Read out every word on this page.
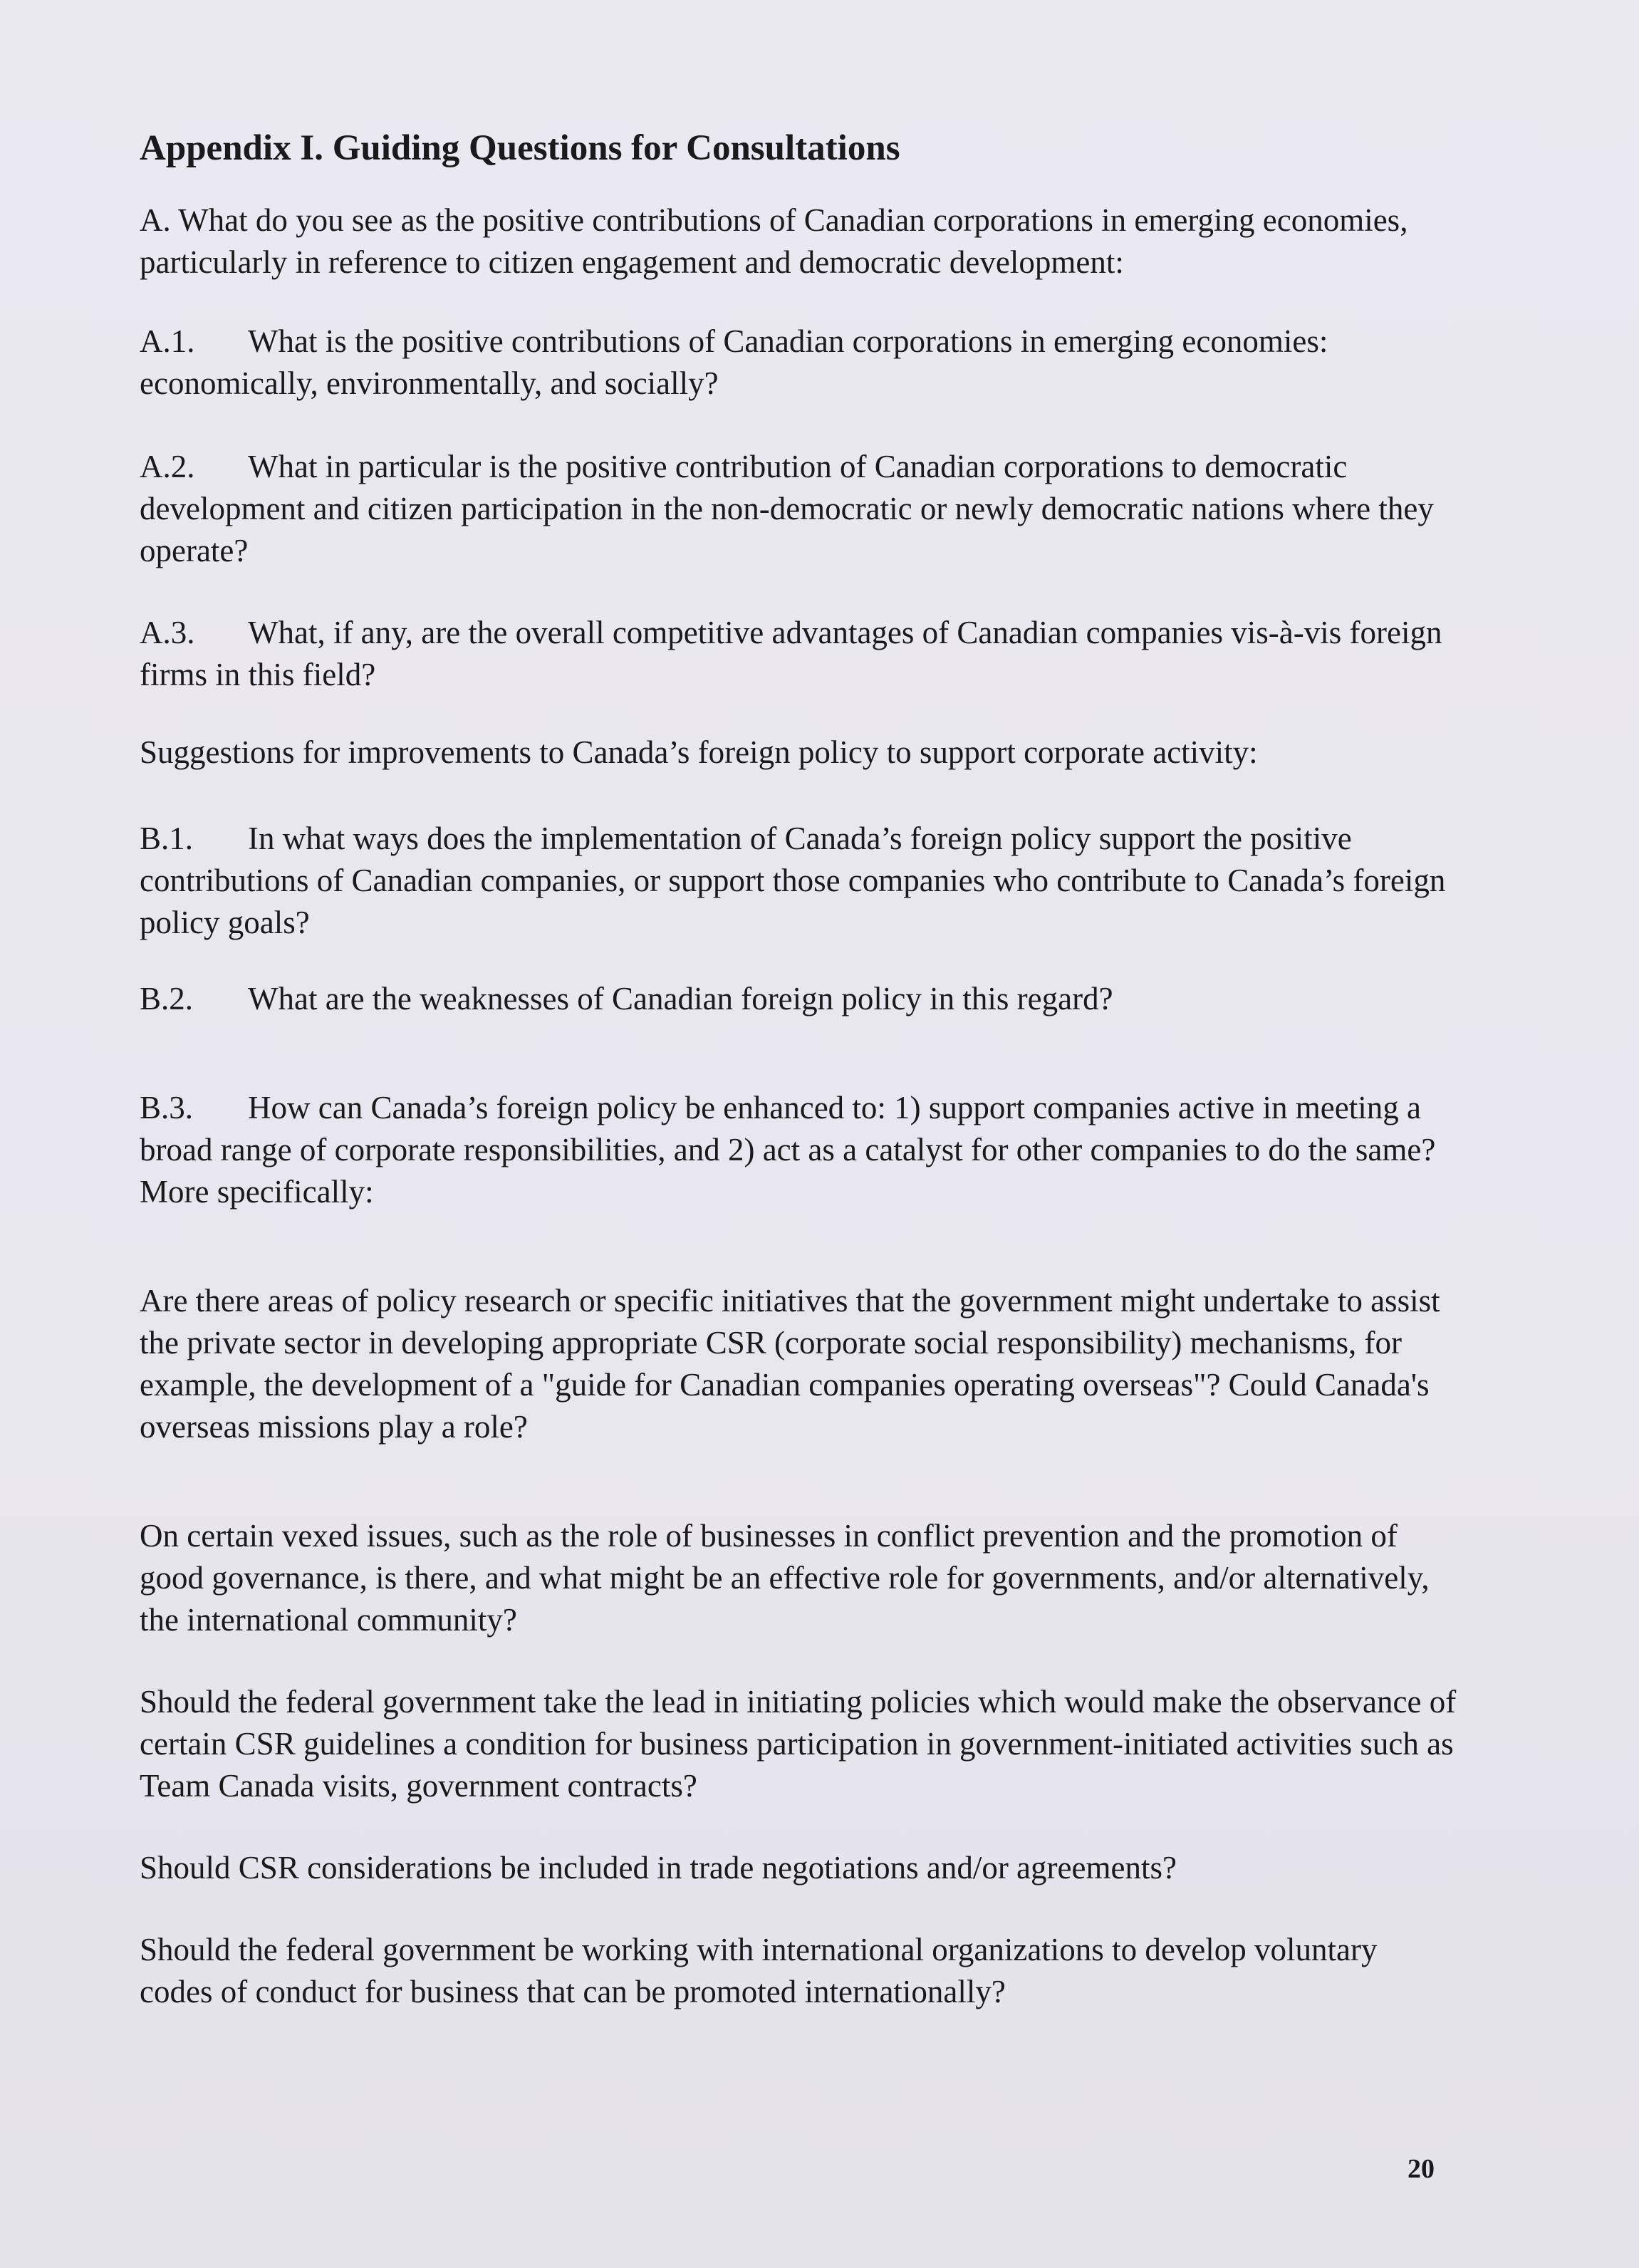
Appendix I. Guiding Questions for Consultations

A. What do you see as the positive contributions of Canadian corporations in emerging economies, particularly in reference to citizen engagement and democratic development:

A.1. What is the positive contributions of Canadian corporations in emerging economies: economically, environmentally, and socially?

A.2. What in particular is the positive contribution of Canadian corporations to democratic development and citizen participation in the non-democratic or newly democratic nations where they operate?

A.3. What, if any, are the overall competitive advantages of Canadian companies vis-à-vis foreign firms in this field?

Suggestions for improvements to Canada’s foreign policy to support corporate activity:

B.1. In what ways does the implementation of Canada’s foreign policy support the positive contributions of Canadian companies, or support those companies who contribute to Canada’s foreign policy goals?

B.2. What are the weaknesses of Canadian foreign policy in this regard?

B.3. How can Canada’s foreign policy be enhanced to: 1) support companies active in meeting a broad range of corporate responsibilities, and 2) act as a catalyst for other companies to do the same? More specifically:

Are there areas of policy research or specific initiatives that the government might undertake to assist the private sector in developing appropriate CSR (corporate social responsibility) mechanisms, for example, the development of a "guide for Canadian companies operating overseas"? Could Canada's overseas missions play a role?

On certain vexed issues, such as the role of businesses in conflict prevention and the promotion of good governance, is there, and what might be an effective role for governments, and/or alternatively, the international community?

Should the federal government take the lead in initiating policies which would make the observance of certain CSR guidelines a condition for business participation in government-initiated activities such as Team Canada visits, government contracts?

Should CSR considerations be included in trade negotiations and/or agreements?

Should the federal government be working with international organizations to develop voluntary codes of conduct for business that can be promoted internationally?

20
